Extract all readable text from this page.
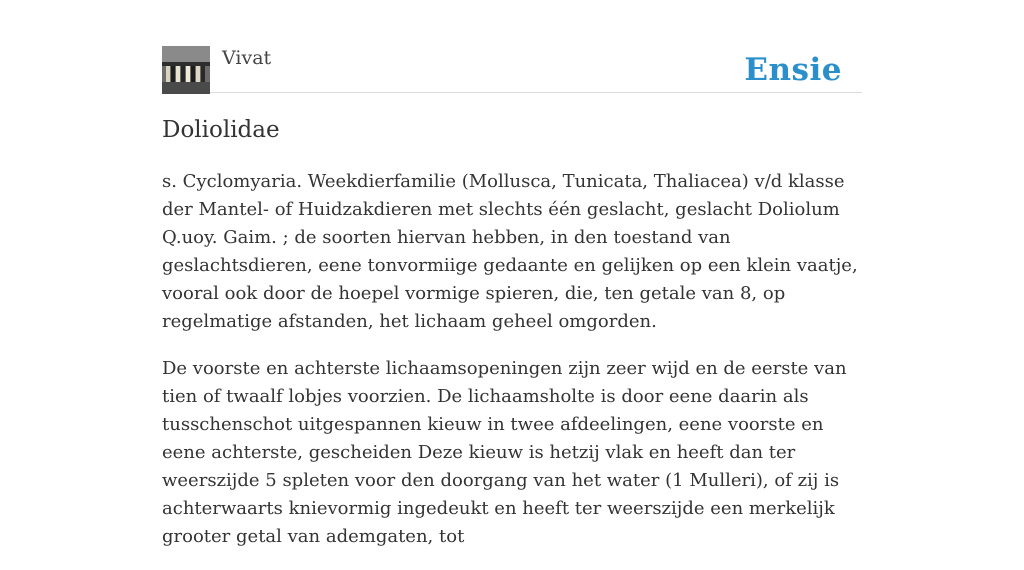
Vivat	Ensie
Doliolidae

s. Cyclomyaria. Weekdierfamilie (Mollusca, Tunicata, Thaliacea) v/d klasse der Mantel- of Huidzakdieren met slechts één geslacht, geslacht Doliolum Q.uoy. Gaim. ; de soorten hiervan hebben, in den toestand van geslachtsdieren, eene tonvormiige gedaante en gelijken op een klein vaatje, vooral ook door de hoepel vormige spieren, die, ten getale van 8, op regelmatige afstanden, het lichaam geheel omgorden.

De voorste en achterste lichaamsopeningen zijn zeer wijd en de eerste van tien of twaalf lobjes voorzien. De lichaamsholte is door eene daarin als tusschenschot uitgespannen kieuw in twee afdeelingen, eene voorste en eene achterste, gescheiden Deze kieuw is hetzij vlak en heeft dan ter weerszijde 5 spleten voor den doorgang van het water (1 Mulleri), of zij is achterwaarts knievormig ingedeukt en heeft ter weerszijde een merkelijk grooter getal van ademgaten, tot
